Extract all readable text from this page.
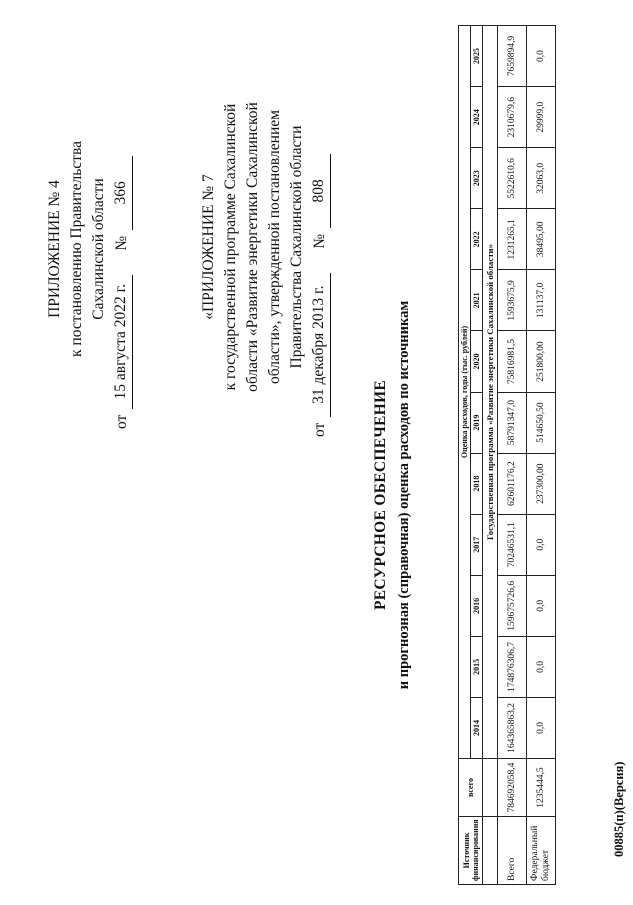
ПРИЛОЖЕНИЕ № 4 к постановлению Правительства Сахалинской области
от
15 августа 2022 г.
№
366	«ПРИЛОЖЕНИЕ № 7 к государственной программе Сахалинской области «Развитие энергетики Сахалинской области», утвержденной постановлением Правительства Сахалинской области
от
31 декабря 2013 г.
№
808
РЕСУРСНОЕ ОБЕСПЕЧЕНИЕ и прогнозная (справочная) оценка расходов по источникам
Источник финансирования	всего	Оценка расходов, годы (тыс. рублей)											
		2014	2015	2016	2017	2018	2019	2020	2021	2022	2023	2024	2025
		Государственная программа «Развитие энергетики Сахалинской области»											
Всего	784692058,4	164365863,2	174876306,7	159675726,6	70246531,1	62601176,2	58791347,0	75816981,5	1593675,9	1231265,1	5522610,6	2310679,6	7659894,9
Федеральный бюджет	1235444,5	0,0	0,0	0,0	0,0	237300,00	514650,50	251800,00	131137,0	38495,00	32063,0	29999,0	0,0
00885(п)(Версия)
